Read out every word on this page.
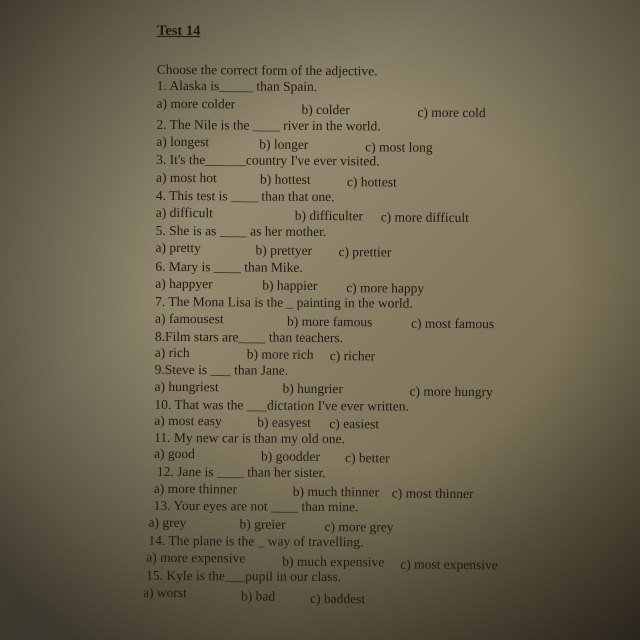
Test 14
Choose the correct form of the adjective.
1. Alaska is_____ than Spain.
a) more colder	b) colder	c) more cold
2. The Nile is the ____ river in the world.
a) longest	b) longer	c) most long
3. It's the______country I've ever visited.
a) most hot	b) hottest	c) hottest
4. This test is ____ than that one.
a) difficult	b) difficulter c) more difficult
5. She is as ____ as her mother.
a) pretty	b) prettyer c) prettier
6. Mary is ____ than Mike.
a) happyer	b) happier c) more happy
7. The Mona Lisa is the _ painting in the world.
a) famousest	b) more famous	c) most famous
8.Film stars are____ than teachers.
a) rich	b) more rich c) richer
9.Steve is ___ than Jane.
a) hungriest	b) hungrier	c) more hungry
10. That was the ___dictation I've ever written.
a) most easy	b) easyest c) easiest
11. My new car is than my old one.
a) good	b) goodder c) better
12. Jane is ____ than her sister.
a) more thinner	b) much thinner c) most thinner
13. Your eyes are not ____ than mine.
a) grey	b) greier	c) more grey
14. The plane is the _ way of travelling.
a) more expensive	b) much expensive c) most expensive
15. Kyle is the___pupil in our class.
a) worst	b) bad	c) baddest
